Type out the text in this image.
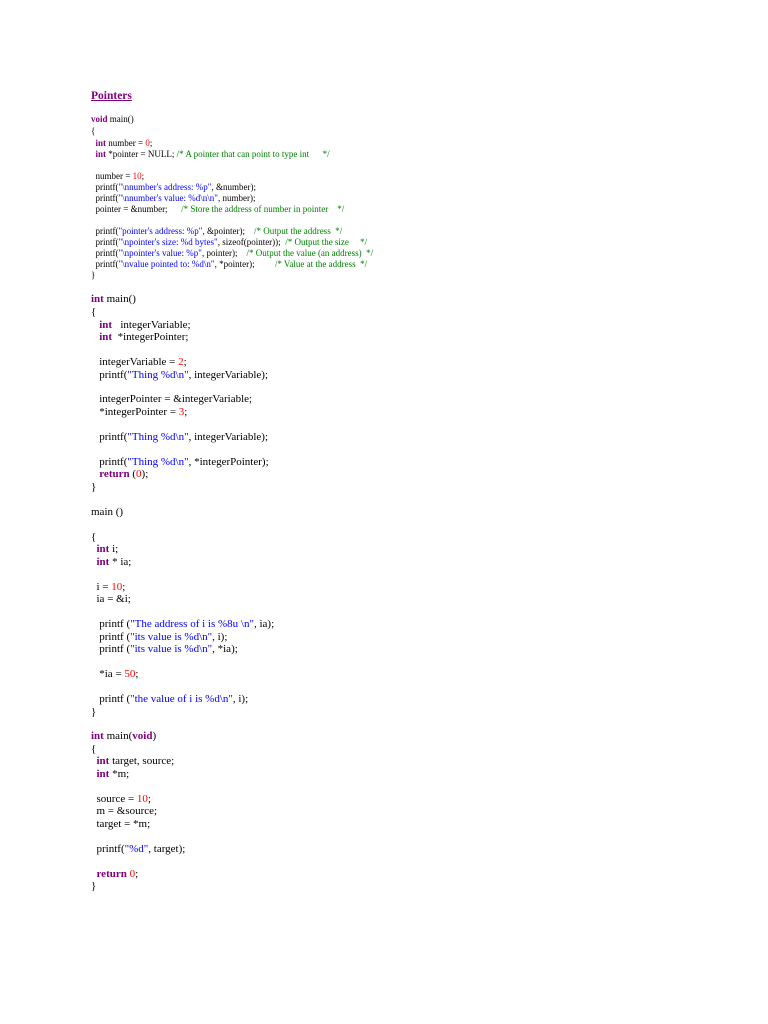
Pointers
void main()
{
int number = 0;
int *pointer = NULL; /* A pointer that can point to type int      */
number = 10;
printf("\nnumber's address: %p", &number);
printf("\nnumber's value: %d\n\n", number);
pointer = &number;      /* Store the address of number in pointer    */
printf("pointer's address: %p", &pointer);    /* Output the address  */
printf("\npointer's size: %d bytes", sizeof(pointer));  /* Output the size     */
printf("\npointer's value: %p", pointer);    /* Output the value (an address)  */
printf("\nvalue pointed to: %d\n", *pointer);         /* Value at the address  */
}
int main()
{
int   integerVariable;
int  *integerPointer;
integerVariable = 2;
printf("Thing %d\n", integerVariable);
integerPointer = &integerVariable;
*integerPointer = 3;
printf("Thing %d\n", integerVariable);
printf("Thing %d\n", *integerPointer);
return (0);
}
main ()
{
int i;
int * ia;
i = 10;
ia = &i;
printf ("The address of i is %8u \n", ia);
printf ("its value is %d\n", i);
printf ("its value is %d\n", *ia);
*ia = 50;
printf ("the value of i is %d\n", i);
}
int main(void)
{
int target, source;
int *m;
source = 10;
m = &source;
target = *m;
printf("%d", target);
return 0;
}
